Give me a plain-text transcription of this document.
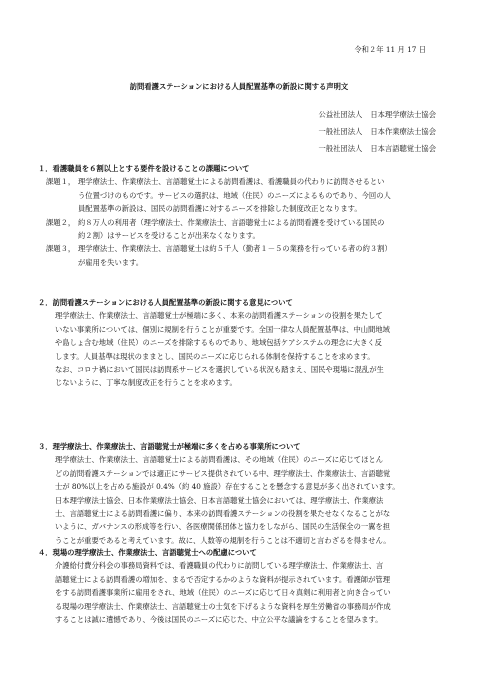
令和２年 11 月 17 日
訪問看護ステーションにおける人員配置基準の新設に関する声明文
公益社団法人 日本理学療法士協会
一般社団法人 日本作業療法士協会
一般社団法人 日本言語聴覚士協会
１．看護職員を６割以上とする要件を設けることの課題について
課題１， 理学療法士、作業療法士、言語聴覚士による訪問看護は、看護職員の代わりに訪問させるとい
う位置づけのものです。サービスの選択は、地域（住民）のニーズによるものであり、今回の人
員配置基準の新設は、国民の訪問看護に対するニーズを排除した制度改正となります。
課題２， 約８万人の利用者（理学療法士、作業療法士、言語聴覚士による訪問看護を受けている国民の
約２割）はサービスを受けることが出来なくなります。
課題３， 理学療法士、作業療法士、言語聴覚士は約５千人（勤者１－５の業務を行っている者の約３割）
が雇用を失います。
２．訪問看護ステーションにおける人員配置基準の新設に関する意見について
理学療法士、作業療法士、言語聴覚士が極端に多く、本来の訪問看護ステーションの役割を果たして
いない事業所については、個別に規制を行うことが重要です。全国一律な人員配置基準は、中山間地域
や島しょ含む地域（住民）のニーズを排除するものであり、地域包括ケアシステムの理念に大きく反
します。人員基準は現状のままとし、国民のニーズに応じられる体制を保持することを求めます。
なお、コロナ禍において国民は訪問系サービスを選択している状況も踏まえ、国民や現場に混乱が生
じないように、丁寧な制度改正を行うことを求めます。
３．理学療法士、作業療法士、言語聴覚士が極端に多くを占める事業所について
理学療法士、作業療法士、言語聴覚士による訪問看護は、その地域（住民）のニーズに応じてほとん
どの訪問看護ステーションでは適正にサービス提供されている中、理学療法士、作業療法士、言語聴覚
士が 80%以上を占める施設が 0.4%（約 40 施設）存在することを懸念する意見が多く出されています。
日本理学療法士協会、日本作業療法士協会、日本言語聴覚士協会においては、理学療法士、作業療法
士、言語聴覚士による訪問看護に偏り、本来の訪問看護ステーションの役割を果たせなくなることがな
いように、ガバナンスの形成等を行い、各医療関係団体と協力をしながら、国民の生活保全の一翼を担
うことが重要であると考えています。故に、人数等の規制を行うことは不適切と言わざるを得ません。
４．現場の理学療法士、作業療法士、言語聴覚士への配慮について
介護給付費分科会の事務局資料では、看護職員の代わりに訪問している理学療法士、作業療法士、言
語聴覚士による訪問看護の増加を、まるで否定するかのような資料が提示されています。看護師が管理
をする訪問看護事業所に雇用をされ、地域（住民）のニーズに応じて日々真剣に利用者と向き合ってい
る現場の理学療法士、作業療法士、言語聴覚士の士気を下げるような資料を厚生労働省の事務局が作成
することは誠に遺憾であり、今後は国民のニーズに応じた、中立公平な議論をすることを望みます。
